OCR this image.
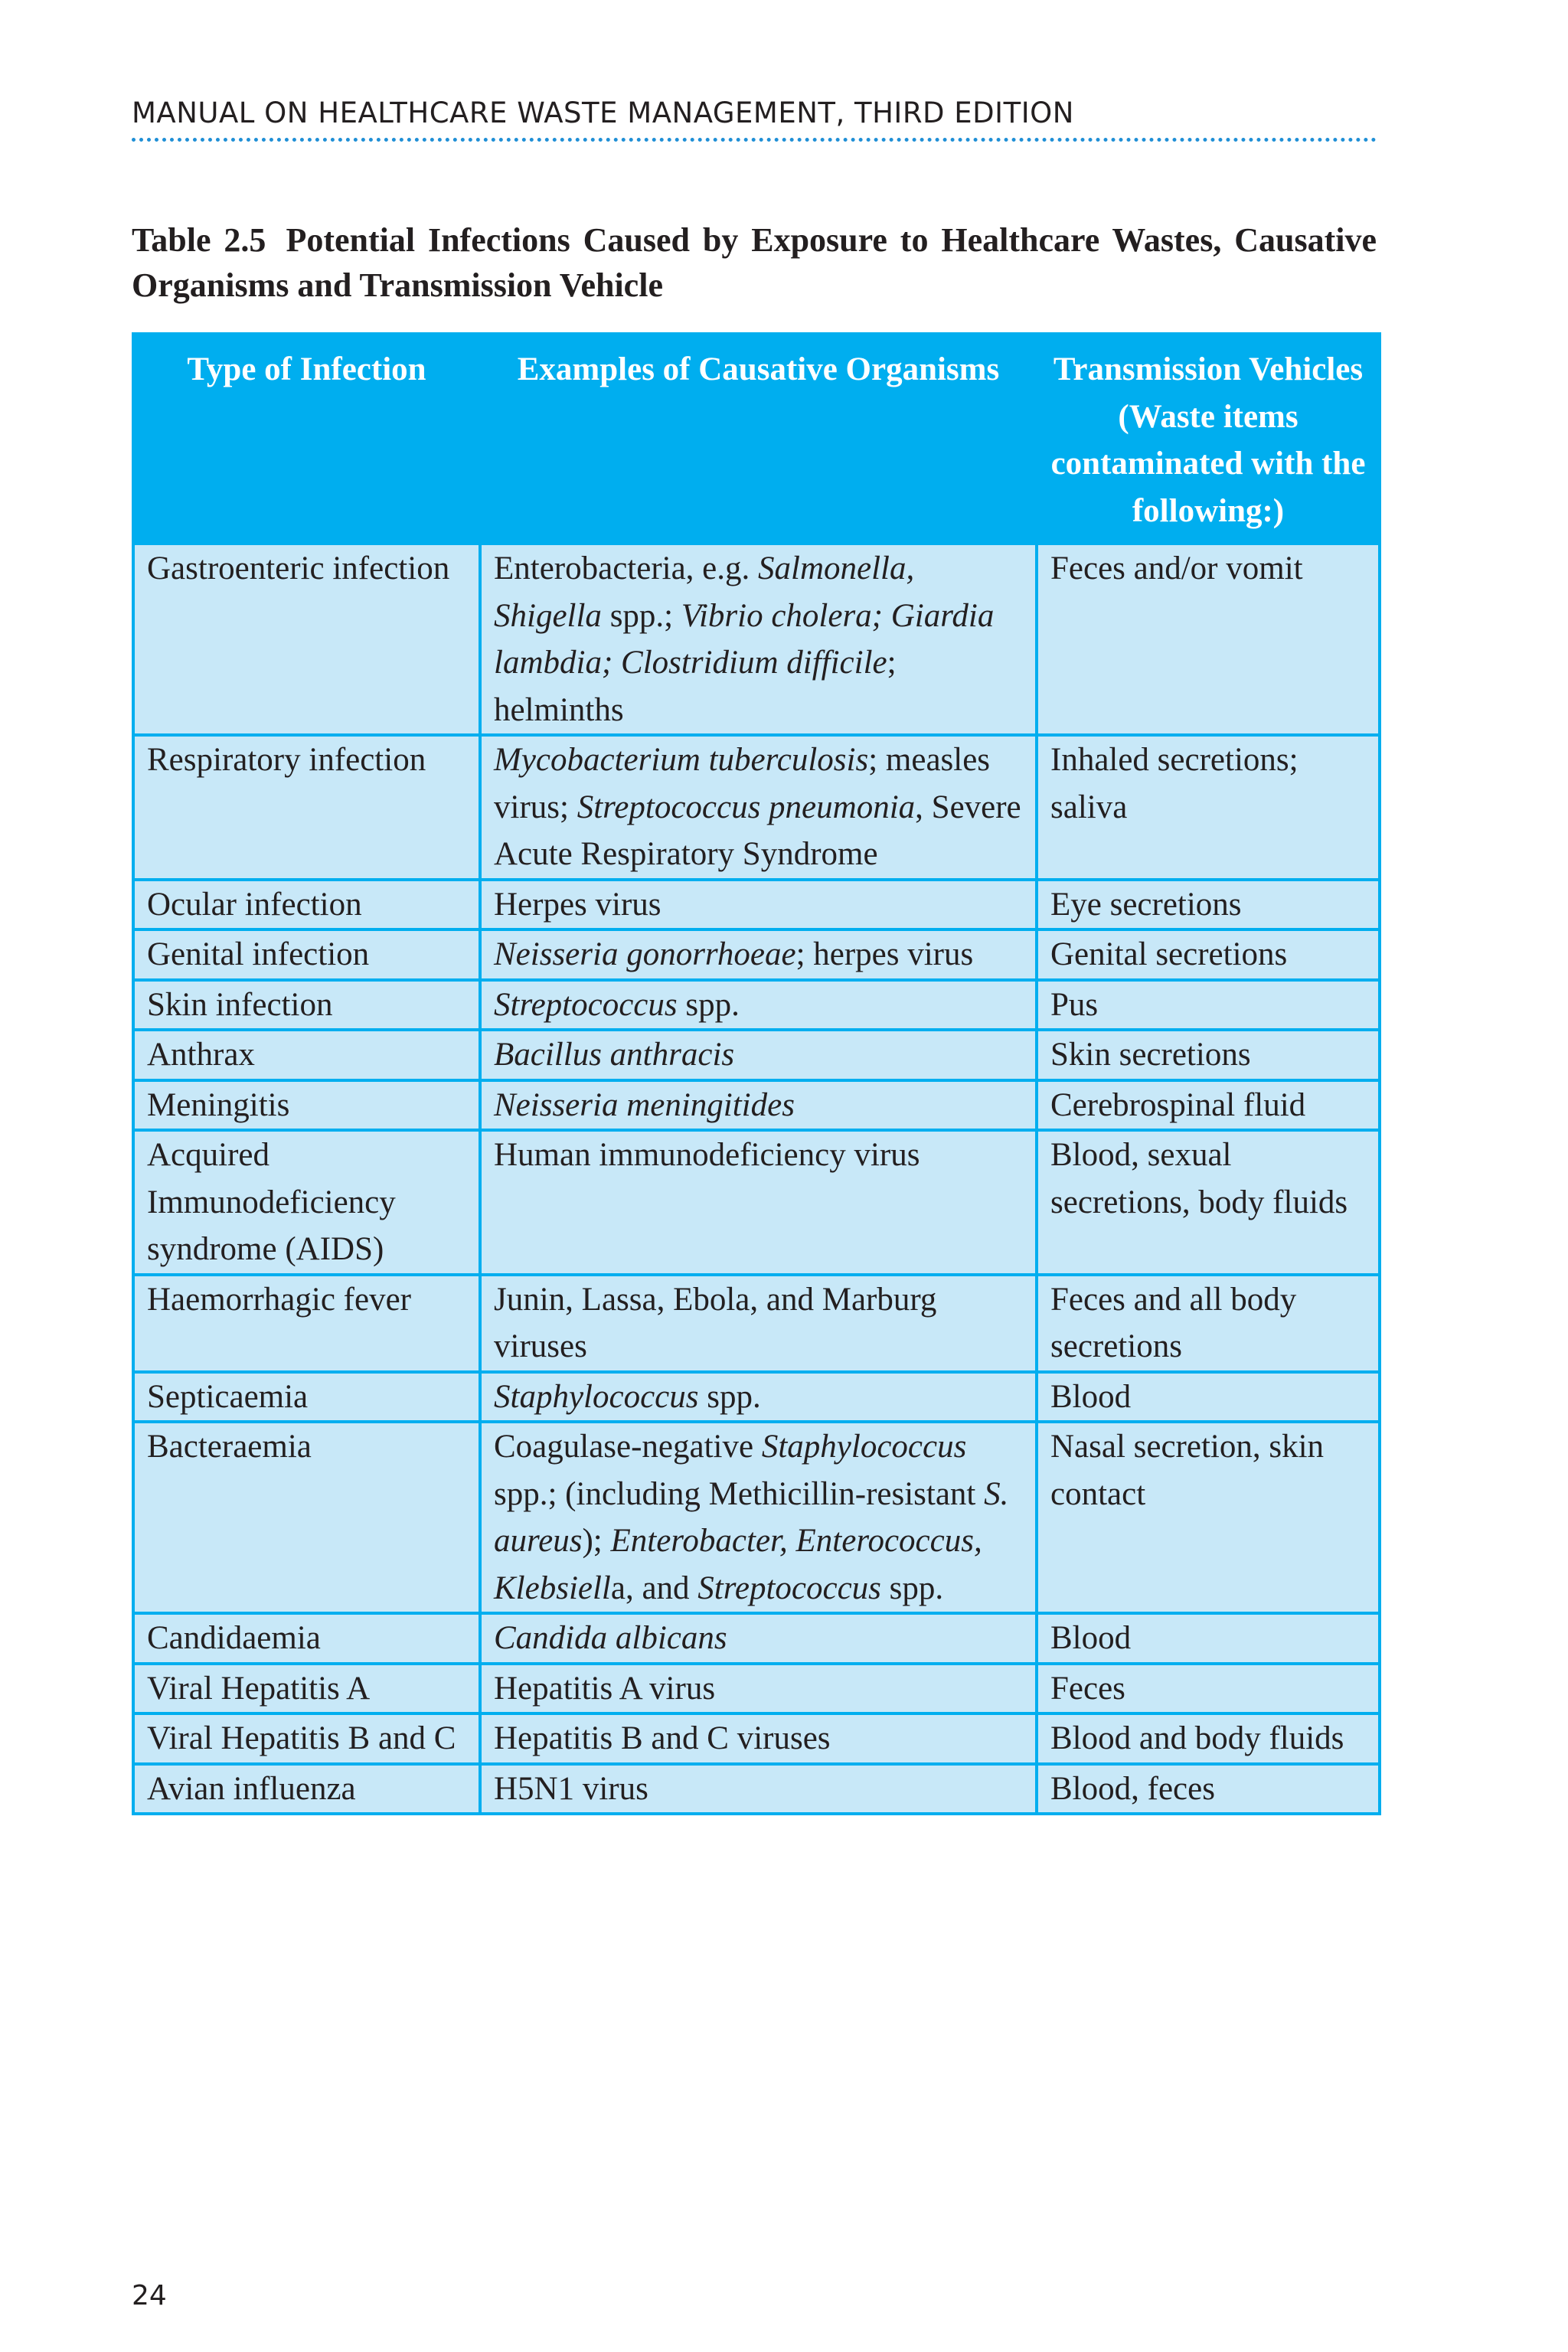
MANUAL ON HEALTHCARE WASTE MANAGEMENT, THIRD EDITION
Table 2.5 Potential Infections Caused by Exposure to Healthcare Wastes, Causative Organisms and Transmission Vehicle
Type of Infection	Examples of Causative Organisms	Transmission Vehicles (Waste items contaminated with the following:)
Gastroenteric infection	Enterobacteria, e.g. Salmonella, Shigella spp.; Vibrio cholera; Giardia lambdia; Clostridium difficile; helminths	Feces and/or vomit
Respiratory infection	Mycobacterium tuberculosis; measles virus; Streptococcus pneumonia, Severe Acute Respiratory Syndrome	Inhaled secretions; saliva
Ocular infection	Herpes virus	Eye secretions
Genital infection	Neisseria gonorrhoeae; herpes virus	Genital secretions
Skin infection	Streptococcus spp.	Pus
Anthrax	Bacillus anthracis	Skin secretions
Meningitis	Neisseria meningitides	Cerebrospinal fluid
Acquired Immunodeficiency syndrome (AIDS)	Human immunodeficiency virus	Blood, sexual secretions, body fluids
Haemorrhagic fever	Junin, Lassa, Ebola, and Marburg viruses	Feces and all body secretions
Septicaemia	Staphylococcus spp.	Blood
Bacteraemia	Coagulase-negative Staphylococcus spp.; (including Methicillin-resistant S. aureus); Enterobacter, Enterococcus, Klebsiella, and Streptococcus spp.	Nasal secretion, skin contact
Candidaemia	Candida albicans	Blood
Viral Hepatitis A	Hepatitis A virus	Feces
Viral Hepatitis B and C	Hepatitis B and C viruses	Blood and body fluids
Avian influenza	H5N1 virus	Blood, feces
24
